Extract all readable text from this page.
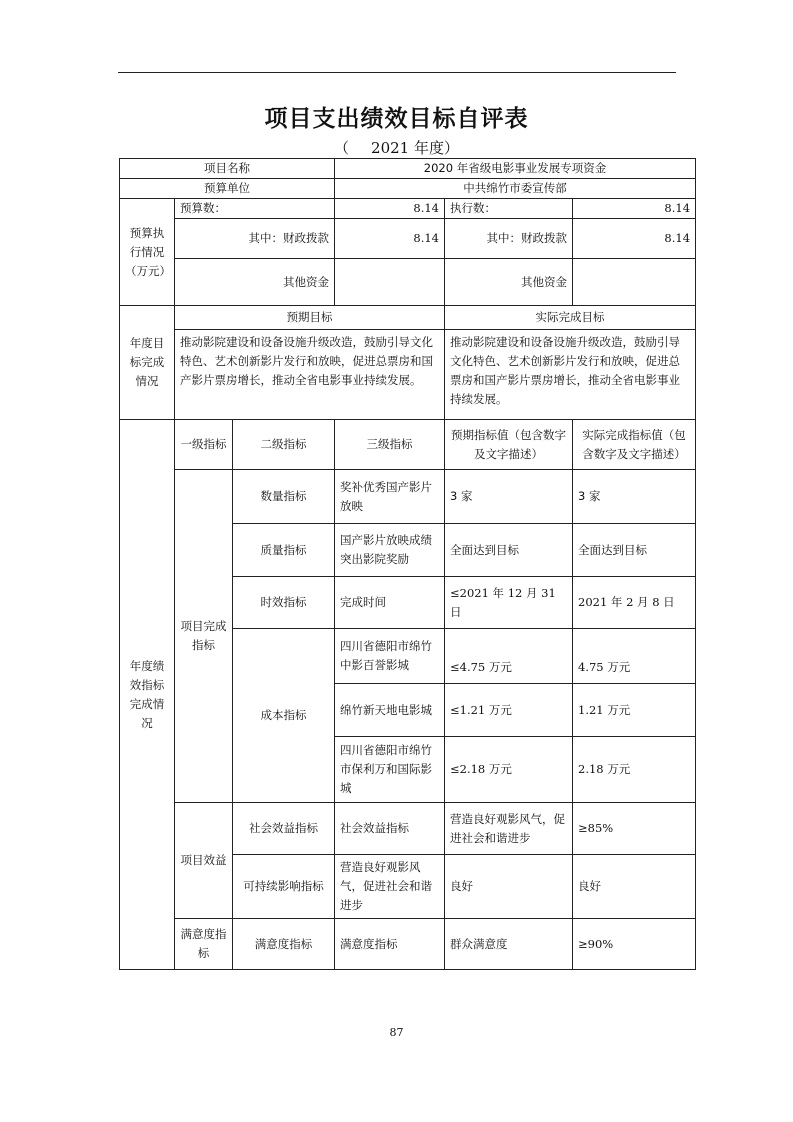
项目支出绩效目标自评表
（ 2021 年度）
项目名称			2020 年省级电影事业发展专项资金		
预算单位			中共绵竹市委宣传部		
预算执行情况（万元）	预算数：		8.14	执行数：	8.14
	其中：财政拨款		8.14	其中：财政拨款	8.14
	其他资金			其他资金	
年度目标完成情况	预期目标			实际完成目标	
	推动影院建设和设备设施升级改造，鼓励引导文化特色、艺术创新影片发行和放映，促进总票房和国产影片票房增长，推动全省电影事业持续发展。			推动影院建设和设备设施升级改造，鼓励引导文化特色、艺术创新影片发行和放映，促进总票房和国产影片票房增长，推动全省电影事业持续发展。	
年度绩效指标完成情况	一级指标	二级指标	三级指标	预期指标值（包含数字及文字描述）	实际完成指标值（包含数字及文字描述）
	项目完成指标	数量指标	奖补优秀国产影片放映	3 家	3 家
		质量指标	国产影片放映成绩突出影院奖励	全面达到目标	全面达到目标
		时效指标	完成时间	≤2021 年 12 月 31 日	2021 年 2 月 8 日
		成本指标	四川省德阳市绵竹中影百誉影城	≤4.75 万元	4.75 万元
			绵竹新天地电影城	≤1.21 万元	1.21 万元
			四川省德阳市绵竹市保利万和国际影城	≤2.18 万元	2.18 万元
	项目效益	社会效益指标	社会效益指标	营造良好观影风气，促进社会和谐进步	≥85%
		可持续影响指标	营造良好观影风气，促进社会和谐进步	良好	良好
	满意度指标	满意度指标	满意度指标	群众满意度	≥90%
87
